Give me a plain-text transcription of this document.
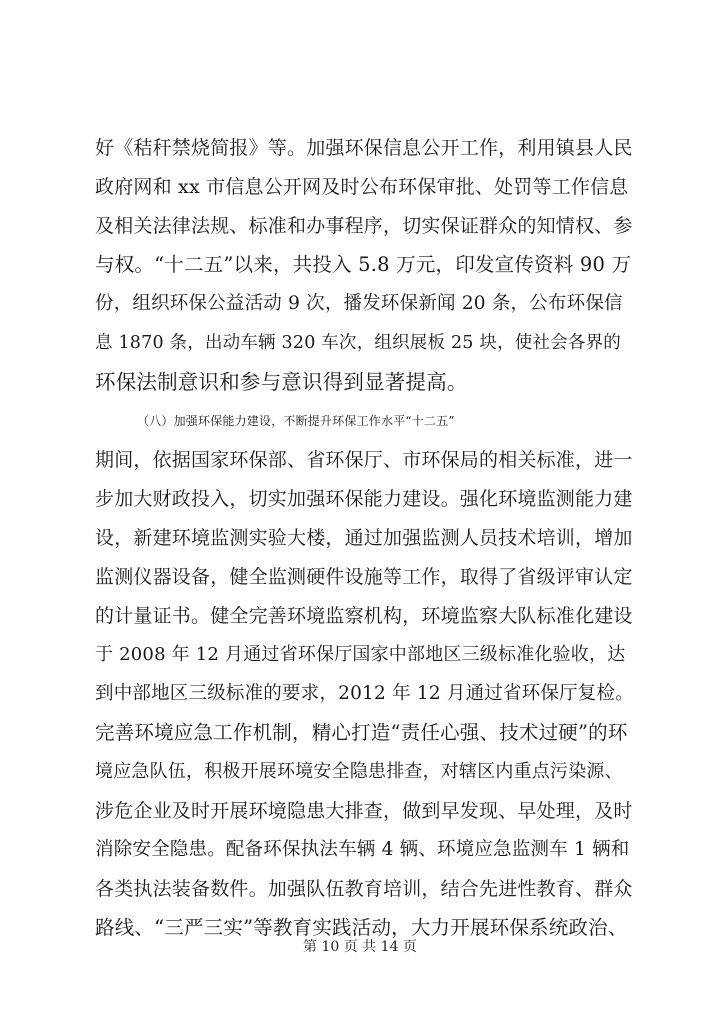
好《秸秆禁烧简报》等。加强环保信息公开工作，利用镇县人民
政府网和 xx 市信息公开网及时公布环保审批、处罚等工作信息
及相关法律法规、标准和办事程序，切实保证群众的知情权、参
与权。“十二五”以来，共投入 5.8 万元，印发宣传资料 90 万
份，组织环保公益活动 9 次，播发环保新闻 20 条，公布环保信
息 1870 条，出动车辆 320 车次，组织展板 25 块，使社会各界的
环保法制意识和参与意识得到显著提高。
（八）加强环保能力建设，不断提升环保工作水平“十二五”
期间，依据国家环保部、省环保厅、市环保局的相关标准，进一
步加大财政投入，切实加强环保能力建设。强化环境监测能力建
设，新建环境监测实验大楼，通过加强监测人员技术培训，增加
监测仪器设备，健全监测硬件设施等工作，取得了省级评审认定
的计量证书。健全完善环境监察机构，环境监察大队标准化建设
于 2008 年 12 月通过省环保厅国家中部地区三级标准化验收，达
到中部地区三级标准的要求，2012 年 12 月通过省环保厅复检。
完善环境应急工作机制，精心打造“责任心强、技术过硬”的环
境应急队伍，积极开展环境安全隐患排查，对辖区内重点污染源、
涉危企业及时开展环境隐患大排查，做到早发现、早处理，及时
消除安全隐患。配备环保执法车辆 4 辆、环境应急监测车 1 辆和
各类执法装备数件。加强队伍教育培训，结合先进性教育、群众
路线、“三严三实”等教育实践活动，大力开展环保系统政治、
第 10 页 共 14 页
